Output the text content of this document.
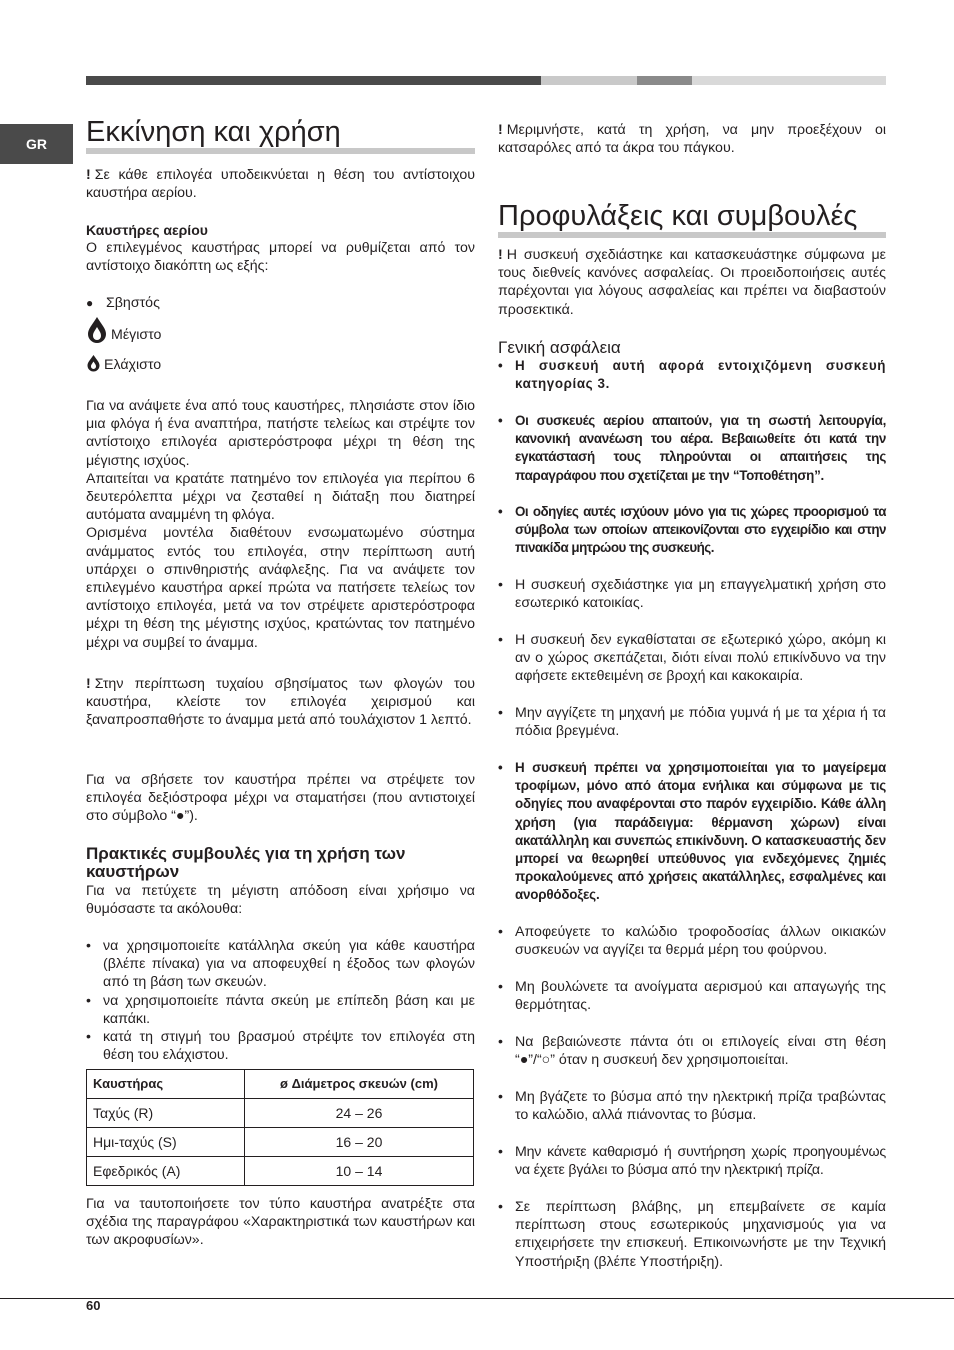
GR	Εκκίνηση και χρήση

! Σε κάθε επιλογέα υποδεικνύεται η θέση του αντίστοιχου καυστήρα αερίου.

Καυστήρες αερίου

Ο επιλεγμένος καυστήρας μπορεί να ρυθμίζεται από τον αντίστοιχο διακόπτη ως εξής:

● Σβηστός
Μέγιστο
Ελάχιστο

Για να ανάψετε ένα από τους καυστήρες, πλησιάστε στον ίδιο μια φλόγα ή ένα αναπτήρα, πατήστε τελείως και στρέψτε τον αντίστοιχο επιλογέα αριστερόστροφα μέχρι τη θέση της μέγιστης ισχύος.

Απαιτείται να κρατάτε πατημένο τον επιλογέα για περίπου 6 δευτερόλεπτα μέχρι να ζεσταθεί η διάταξη που διατηρεί αυτόματα αναμμένη τη φλόγα.

Ορισμένα μοντέλα διαθέτουν ενσωματωμένο σύστημα ανάμματος εντός του επιλογέα, στην περίπτωση αυτή υπάρχει ο σπινθηριστής ανάφλεξης. Για να ανάψετε τον επιλεγμένο καυστήρα αρκεί πρώτα να πατήσετε τελείως τον αντίστοιχο επιλογέα, μετά να τον στρέψετε αριστερόστροφα μέχρι τη θέση της μέγιστης ισχύος, κρατώντας τον πατημένο μέχρι να συμβεί το άναμμα.

! Στην περίπτωση τυχαίου σβησίματος των φλογών του καυστήρα, κλείστε τον επιλογέα χειρισμού και ξαναπροσπαθήστε το άναμμα μετά από τουλάχιστον 1 λεπτό.

Για να σβήσετε τον καυστήρα πρέπει να στρέψετε τον επιλογέα δεξιόστροφα μέχρι να σταματήσει (που αντιστοιχεί στο σύμβολο “●”).

Πρακτικές συμβουλές για τη χρήση των καυστήρων

Για να πετύχετε τη μέγιστη απόδοση είναι χρήσιμο να θυμόσαστε τα ακόλουθα:

• να χρησιμοποιείτε κατάλληλα σκεύη για κάθε καυστήρα (βλέπε πίνακα) για να αποφευχθεί η έξοδος των φλογών από τη βάση των σκευών.
• να χρησιμοποιείτε πάντα σκεύη με επίπεδη βάση και με καπάκι.
• κατά τη στιγμή του βρασμού στρέψτε τον επιλογέα στη θέση του ελάχιστου.
Καυστήρας	ø Διάμετρος σκευών (cm)
Ταχύς (R)	24 – 26
Ημι-ταχύς (S)	16 – 20
Εφεδρικός (A)	10 – 14

Για να ταυτοποιήσετε τον τύπο καυστήρα ανατρέξτε στα σχέδια της παραγράφου «Χαρακτηριστικά των καυστήρων και των ακροφυσίων».

! Μεριμνήστε, κατά τη χρήση, να μην προεξέχουν οι κατσαρόλες από τα άκρα του πάγκου.

Προφυλάξεις και συμβουλές

! Η συσκευή σχεδιάστηκε και κατασκευάστηκε σύμφωνα με τους διεθνείς κανόνες ασφαλείας. Οι προειδοποιήσεις αυτές παρέχονται για λόγους ασφαλείας και πρέπει να διαβαστούν προσεκτικά.

Γενική ασφάλεια
• Η συσκευή αυτή αφορά εντοιχιζόμενη συσκευή κατηγορίας 3.
• Οι συσκευές αερίου απαιτούν, για τη σωστή λειτουργία, κανονική ανανέωση του αέρα. Βεβαιωθείτε ότι κατά την εγκατάστασή τους πληρούνται οι απαιτήσεις της παραγράφου που σχετίζεται με την “Τοποθέτηση”.
• Οι οδηγίες αυτές ισχύουν μόνο για τις χώρες προορισμού τα σύμβολα των οποίων απεικονίζονται στο εγχειρίδιο και στην πινακίδα μητρώου της συσκευής.
• Η συσκευή σχεδιάστηκε για μη επαγγελματική χρήση στο εσωτερικό κατοικίας.
• Η συσκευή δεν εγκαθίσταται σε εξωτερικό χώρο, ακόμη κι αν ο χώρος σκεπάζεται, διότι είναι πολύ επικίνδυνο να την αφήσετε εκτεθειμένη σε βροχή και κακοκαιρία.
• Μην αγγίζετε τη μηχανή με πόδια γυμνά ή με τα χέρια ή τα πόδια βρεγμένα.
• Η συσκευή πρέπει να χρησιμοποιείται για το μαγείρεμα τροφίμων, μόνο από άτομα ενήλικα και σύμφωνα με τις οδηγίες που αναφέρονται στο παρόν εγχειρίδιο. Κάθε άλλη χρήση (για παράδειγμα: θέρμανση χώρων) είναι ακατάλληλη και συνεπώς επικίνδυνη. Ο κατασκευαστής δεν μπορεί να θεωρηθεί υπεύθυνος για ενδεχόμενες ζημιές προκαλούμενες από χρήσεις ακατάλληλες, εσφαλμένες και ανορθόδοξες.
• Αποφεύγετε το καλώδιο τροφοδοσίας άλλων οικιακών συσκευών να αγγίζει τα θερμά μέρη του φούρνου.
• Μη βουλώνετε τα ανοίγματα αερισμού και απαγωγής της θερμότητας.
• Να βεβαιώνεστε πάντα ότι οι επιλογείς είναι στη θέση “●”/“○” όταν η συσκευή δεν χρησιμοποιείται.
• Μη βγάζετε το βύσμα από την ηλεκτρική πρίζα τραβώντας το καλώδιο, αλλά πιάνοντας το βύσμα.
• Μην κάνετε καθαρισμό ή συντήρηση χωρίς προηγουμένως να έχετε βγάλει το βύσμα από την ηλεκτρική πρίζα.
• Σε περίπτωση βλάβης, μη επεμβαίνετε σε καμία περίπτωση στους εσωτερικούς μηχανισμούς για να επιχειρήσετε την επισκευή. Επικοινωνήστε με την Τεχνική Υποστήριξη (βλέπε Υποστήριξη).
60
